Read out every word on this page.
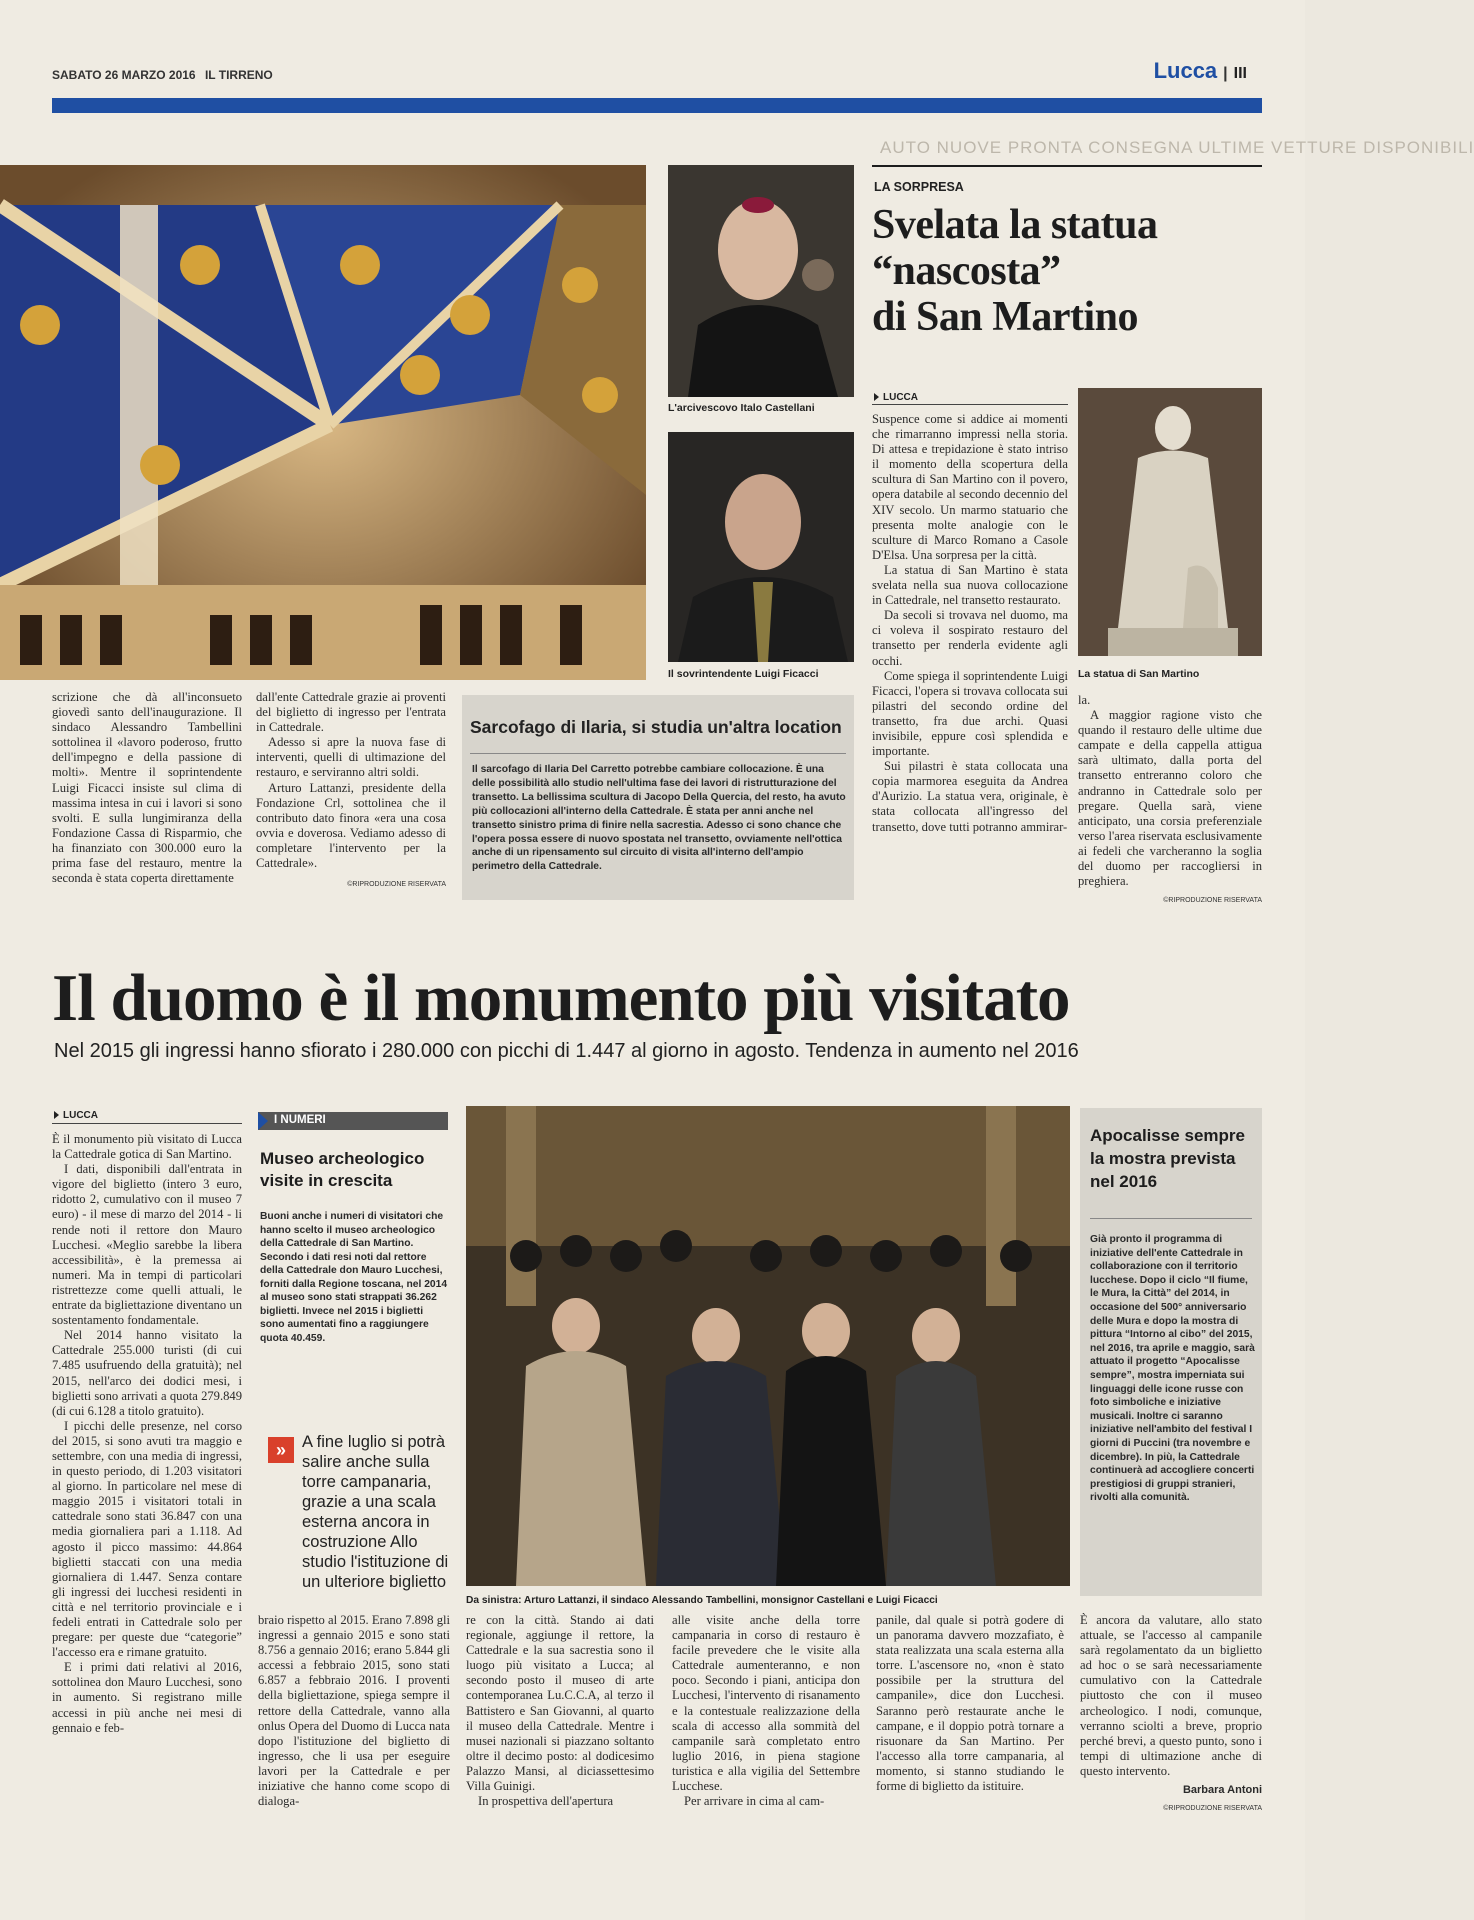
SABATO 26 MARZO 2016 IL TIRRENO	Lucca | III
AUTO NUOVE PRONTA CONSEGNA ULTIME VETTURE DISPONIBILI

scrizione che dà all'inconsueto giovedì santo dell'inaugurazione. Il sindaco Alessandro Tambellini sottolinea il «lavoro poderoso, frutto dell'impegno e della passione di molti». Mentre il soprintendente Luigi Ficacci insiste sul clima di massima intesa in cui i lavori si sono svolti. E sulla lungimiranza della Fondazione Cassa di Risparmio, che ha finanziato con 300.000 euro la prima fase del restauro, mentre la seconda è stata coperta direttamente

dall'ente Cattedrale grazie ai proventi del biglietto di ingresso per l'entrata in Cattedrale.

Adesso si apre la nuova fase di interventi, quelli di ultimazione del restauro, e serviranno altri soldi.

Arturo Lattanzi, presidente della Fondazione Crl, sottolinea che il contributo dato finora «era una cosa ovvia e doverosa. Vediamo adesso di completare l'intervento per la Cattedrale».

©RIPRODUZIONE RISERVATA
Sarcofago di Ilaria, si studia un'altra location
Il sarcofago di Ilaria Del Carretto potrebbe cambiare collocazione. È una delle possibilità allo studio nell'ultima fase dei lavori di ristrutturazione del transetto. La bellissima scultura di Jacopo Della Quercia, del resto, ha avuto più collocazioni all'interno della Cattedrale. È stata per anni anche nel transetto sinistro prima di finire nella sacrestia. Adesso ci sono chance che l'opera possa essere di nuovo spostata nel transetto, ovviamente nell'ottica anche di un ripensamento sul circuito di visita all'interno dell'ampio perimetro della Cattedrale.
L'arcivescovo Italo Castellani
Il sovrintendente Luigi Ficacci
LA SORPRESA
Svelata la statua
“nascosta”
di San Martino
LUCCA

Suspence come si addice ai momenti che rimarranno impressi nella storia. Di attesa e trepidazione è stato intriso il momento della scopertura della scultura di San Martino con il povero, opera databile al secondo decennio del XIV secolo. Un marmo statuario che presenta molte analogie con le sculture di Marco Romano a Casole D'Elsa. Una sorpresa per la città.

La statua di San Martino è stata svelata nella sua nuova collocazione in Cattedrale, nel transetto restaurato.

Da secoli si trovava nel duomo, ma ci voleva il sospirato restauro del transetto per renderla evidente agli occhi.

Come spiega il soprintendente Luigi Ficacci, l'opera si trovava collocata sui pilastri del secondo ordine del transetto, fra due archi. Quasi invisibile, eppure così splendida e importante.

Sui pilastri è stata collocata una copia marmorea eseguita da Andrea d'Aurizio. La statua vera, originale, è stata collocata all'ingresso del transetto, dove tutti potranno ammirar-

La statua di San Martino

la.

A maggior ragione visto che quando il restauro delle ultime due campate e della cappella attigua sarà ultimato, dalla porta del transetto entreranno coloro che andranno in Cattedrale solo per pregare. Quella sarà, viene anticipato, una corsia preferenziale verso l'area riservata esclusivamente ai fedeli che varcheranno la soglia del duomo per raccogliersi in preghiera.

©RIPRODUZIONE RISERVATA
Il duomo è il monumento più visitato
Nel 2015 gli ingressi hanno sfiorato i 280.000 con picchi di 1.447 al giorno in agosto. Tendenza in aumento nel 2016
LUCCA

È il monumento più visitato di Lucca la Cattedrale gotica di San Martino.

I dati, disponibili dall'entrata in vigore del biglietto (intero 3 euro, ridotto 2, cumulativo con il museo 7 euro) - il mese di marzo del 2014 - li rende noti il rettore don Mauro Lucchesi. «Meglio sarebbe la libera accessibilità», è la premessa ai numeri. Ma in tempi di particolari ristrettezze come quelli attuali, le entrate da bigliettazione diventano un sostentamento fondamentale.

Nel 2014 hanno visitato la Cattedrale 255.000 turisti (di cui 7.485 usufruendo della gratuità); nel 2015, nell'arco dei dodici mesi, i biglietti sono arrivati a quota 279.849 (di cui 6.128 a titolo gratuito).

I picchi delle presenze, nel corso del 2015, si sono avuti tra maggio e settembre, con una media di ingressi, in questo periodo, di 1.203 visitatori al giorno. In particolare nel mese di maggio 2015 i visitatori totali in cattedrale sono stati 36.847 con una media giornaliera pari a 1.118. Ad agosto il picco massimo: 44.864 biglietti staccati con una media giornaliera di 1.447. Senza contare gli ingressi dei lucchesi residenti in città e nel territorio provinciale e i fedeli entrati in Cattedrale solo per pregare: per queste due “categorie” l'accesso era e rimane gratuito.

E i primi dati relativi al 2016, sottolinea don Mauro Lucchesi, sono in aumento. Si registrano mille accessi in più anche nei mesi di gennaio e feb-

I NUMERI
Museo archeologico visite in crescita
Buoni anche i numeri di visitatori che hanno scelto il museo archeologico della Cattedrale di San Martino. Secondo i dati resi noti dal rettore della Cattedrale don Mauro Lucchesi, forniti dalla Regione toscana, nel 2014 al museo sono stati strappati 36.262 biglietti. Invece nel 2015 i biglietti sono aumentati fino a raggiungere quota 40.459.
» A fine luglio si potrà salire anche sulla torre campanaria, grazie a una scala esterna ancora in costruzione Allo studio l'istituzione di un ulteriore biglietto
Da sinistra: Arturo Lattanzi, il sindaco Alessando Tambellini, monsignor Castellani e Luigi Ficacci
Apocalisse sempre la mostra prevista nel 2016
Già pronto il programma di iniziative dell'ente Cattedrale in collaborazione con il territorio lucchese. Dopo il ciclo “Il fiume, le Mura, la Città” del 2014, in occasione del 500° anniversario delle Mura e dopo la mostra di pittura “Intorno al cibo” del 2015, nel 2016, tra aprile e maggio, sarà attuato il progetto “Apocalisse sempre”, mostra imperniata sui linguaggi delle icone russe con foto simboliche e iniziative musicali. Inoltre ci saranno iniziative nell'ambito del festival I giorni di Puccini (tra novembre e dicembre). In più, la Cattedrale continuerà ad accogliere concerti prestigiosi di gruppi stranieri, rivolti alla comunità.

braio rispetto al 2015. Erano 7.898 gli ingressi a gennaio 2015 e sono stati 8.756 a gennaio 2016; erano 5.844 gli accessi a febbraio 2015, sono stati 6.857 a febbraio 2016. I proventi della bigliettazione, spiega sempre il rettore della Cattedrale, vanno alla onlus Opera del Duomo di Lucca nata dopo l'istituzione del biglietto di ingresso, che li usa per eseguire lavori per la Cattedrale e per iniziative che hanno come scopo di dialoga-

re con la città. Stando ai dati regionale, aggiunge il rettore, la Cattedrale e la sua sacrestia sono il luogo più visitato a Lucca; al secondo posto il museo di arte contemporanea Lu.C.C.A, al terzo il Battistero e San Giovanni, al quarto il museo della Cattedrale. Mentre i musei nazionali si piazzano soltanto oltre il decimo posto: al dodicesimo Palazzo Mansi, al diciassettesimo Villa Guinigi.

In prospettiva dell'apertura

alle visite anche della torre campanaria in corso di restauro è facile prevedere che le visite alla Cattedrale aumenteranno, e non poco. Secondo i piani, anticipa don Lucchesi, l'intervento di risanamento e la contestuale realizzazione della scala di accesso alla sommità del campanile sarà completato entro luglio 2016, in piena stagione turistica e alla vigilia del Settembre Lucchese.

Per arrivare in cima al cam-

panile, dal quale si potrà godere di un panorama davvero mozzafiato, è stata realizzata una scala esterna alla torre. L'ascensore no, «non è stato possibile per la struttura del campanile», dice don Lucchesi. Saranno però restaurate anche le campane, e il doppio potrà tornare a risuonare da San Martino. Per l'accesso alla torre campanaria, al momento, si stanno studiando le forme di biglietto da istituire.

È ancora da valutare, allo stato attuale, se l'accesso al campanile sarà regolamentato da un biglietto ad hoc o se sarà necessariamente cumulativo con la Cattedrale piuttosto che con il museo archeologico. I nodi, comunque, verranno sciolti a breve, proprio perché brevi, a questo punto, sono i tempi di ultimazione anche di questo intervento.

Barbara Antoni
©RIPRODUZIONE RISERVATA
